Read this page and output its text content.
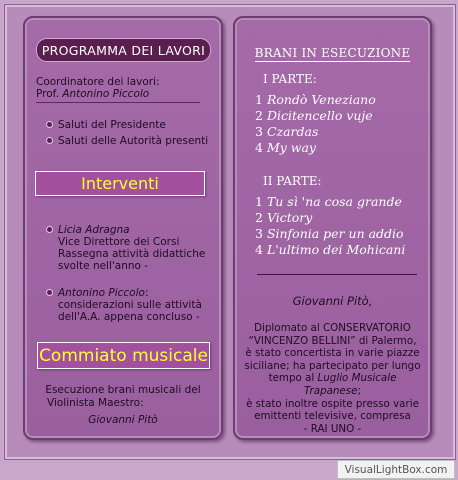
PROGRAMMA DEI LAVORI
Coordinatore dei lavori:
Prof. Antonino Piccolo
Saluti del Presidente
Saluti delle Autorità presenti
Interventi
Licia Adragna
Vice Direttore dei Corsi
Rassegna attività didattiche
svolte nell'anno -
Antonino Piccolo:
considerazioni sulle attività
dell'A.A. appena concluso -
Commiato musicale
Esecuzione brani musicali del
Violinista Maestro:
Giovanni Pitò
BRANI IN ESECUZIONE
I PARTE:
1 Rondò Veneziano
2 Dicitencello vuje
3 Czardas
4 My way
II PARTE:
1 Tu sì 'na cosa grande
2 Victory
3 Sinfonia per un addio
4 L'ultimo dei Mohicani
Giovanni Pitò,
Diplomato al CONSERVATORIO
“VINCENZO BELLINI” di Palermo,
è stato concertista in varie piazze
siciliane; ha partecipato per lungo
tempo al Luglio Musicale Trapanese;
è stato inoltre ospite presso varie
emittenti televisive, compresa
- RAI UNO -
VisualLightBox.com
